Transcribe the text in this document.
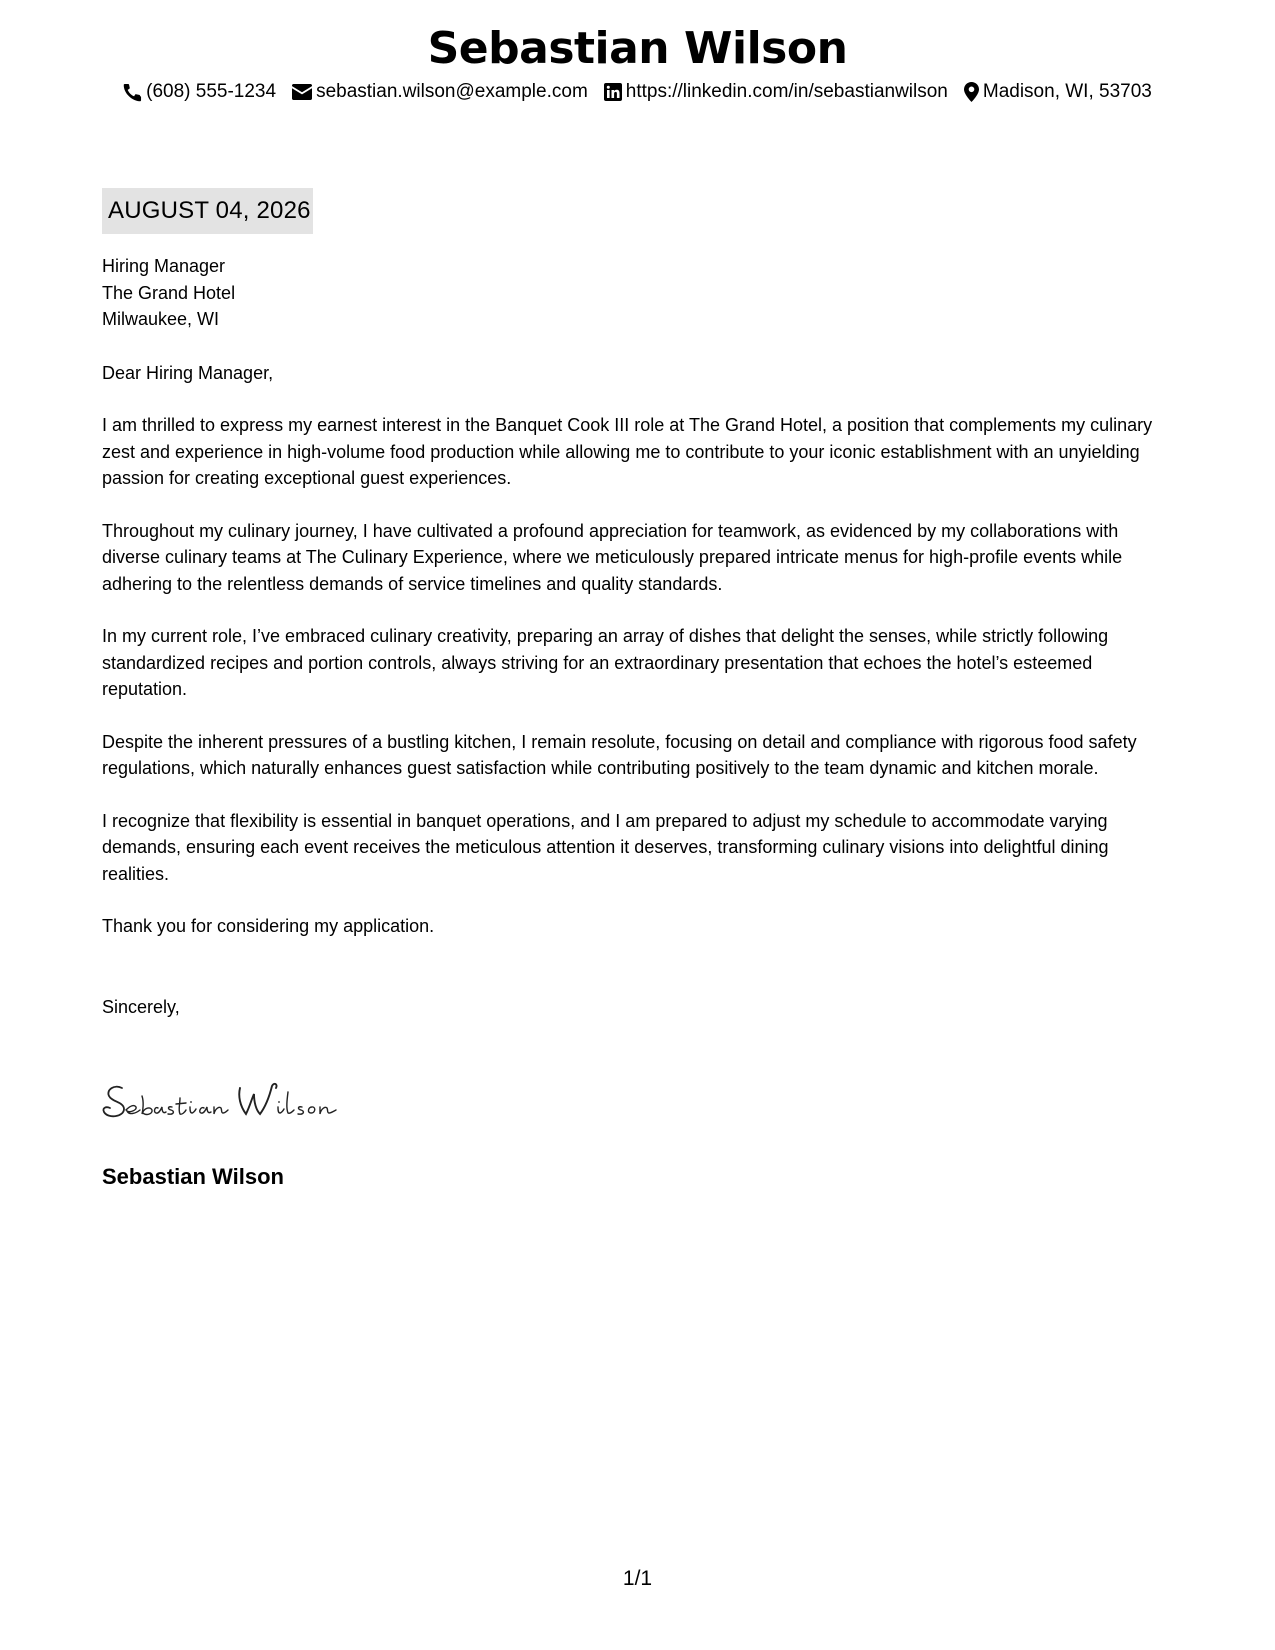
Sebastian Wilson
(608) 555-1234 sebastian.wilson@example.com https://linkedin.com/in/sebastianwilson Madison, WI, 53703
AUGUST 04, 2026

Hiring Manager
The Grand Hotel
Milwaukee, WI

Dear Hiring Manager,

I am thrilled to express my earnest interest in the Banquet Cook III role at The Grand Hotel, a position that complements my culinary zest and experience in high-volume food production while allowing me to contribute to your iconic establishment with an unyielding passion for creating exceptional guest experiences.

Throughout my culinary journey, I have cultivated a profound appreciation for teamwork, as evidenced by my collaborations with diverse culinary teams at The Culinary Experience, where we meticulously prepared intricate menus for high-profile events while adhering to the relentless demands of service timelines and quality standards.

In my current role, I’ve embraced culinary creativity, preparing an array of dishes that delight the senses, while strictly following standardized recipes and portion controls, always striving for an extraordinary presentation that echoes the hotel’s esteemed reputation.

Despite the inherent pressures of a bustling kitchen, I remain resolute, focusing on detail and compliance with rigorous food safety regulations, which naturally enhances guest satisfaction while contributing positively to the team dynamic and kitchen morale.

I recognize that flexibility is essential in banquet operations, and I am prepared to adjust my schedule to accommodate varying demands, ensuring each event receives the meticulous attention it deserves, transforming culinary visions into delightful dining realities.

Thank you for considering my application.

Sincerely,

Sebastian Wilson
1/1
